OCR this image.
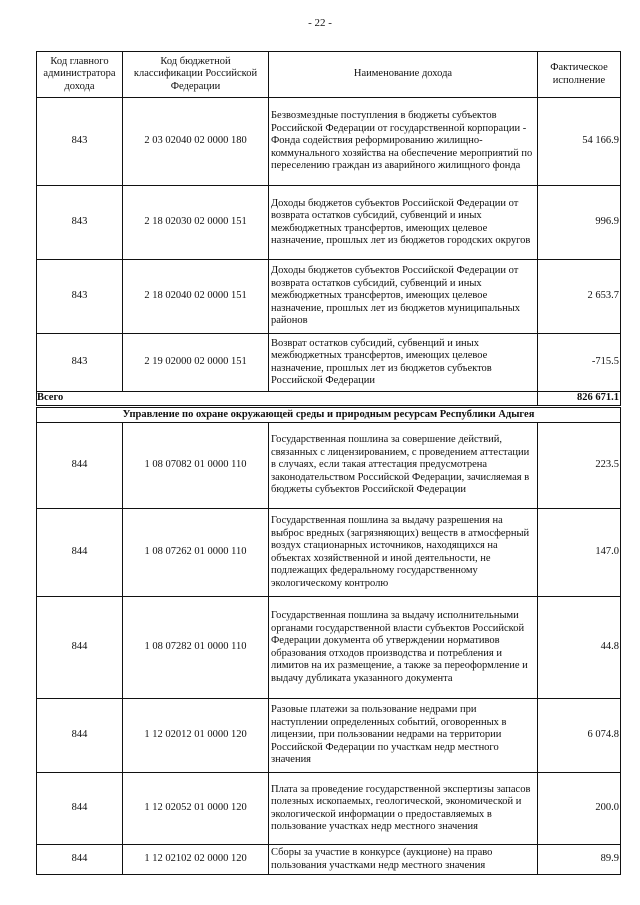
- 22 -
Код главного администратора дохода	Код бюджетной классификации Российской Федерации	Наименование дохода	Фактическое исполнение
843	2 03 02040 02 0000 180	Безвозмездные поступления в бюджеты субъектов Российской Федерации от государственной корпорации - Фонда содействия реформированию жилищно-коммунального хозяйства на обеспечение мероприятий по переселению граждан из аварийного жилищного фонда	54 166.9
843	2 18 02030 02 0000 151	Доходы бюджетов субъектов Российской Федерации от возврата остатков субсидий, субвенций и иных межбюджетных трансфертов, имеющих целевое назначение, прошлых лет из бюджетов городских округов	996.9
843	2 18 02040 02 0000 151	Доходы бюджетов субъектов Российской Федерации от возврата остатков субсидий, субвенций и иных межбюджетных трансфертов, имеющих целевое назначение, прошлых лет из бюджетов муниципальных районов	2 653.7
843	2 19 02000 02 0000 151	Возврат остатков субсидий, субвенций и иных межбюджетных трансфертов, имеющих целевое назначение, прошлых лет из бюджетов субъектов Российской Федерации	-715.5
Всего			826 671.1
Управление по охране окружающей среды и природным ресурсам Республики Адыгея			
844	1 08 07082 01 0000 110	Государственная пошлина за совершение действий, связанных с лицензированием, с проведением аттестации в случаях, если такая аттестация предусмотрена законодательством Российской Федерации, зачисляемая в бюджеты субъектов Российской Федерации	223.5
844	1 08 07262 01 0000 110	Государственная пошлина за выдачу разрешения на выброс вредных (загрязняющих) веществ в атмосферный воздух стационарных источников, находящихся на объектах хозяйственной и иной деятельности, не подлежащих федеральному государственному экологическому контролю	147.0
844	1 08 07282 01 0000 110	Государственная пошлина за выдачу исполнительными органами государственной власти субъектов Российской Федерации документа об утверждении нормативов образования отходов производства и потребления и лимитов на их размещение, а также за переоформление и выдачу дубликата указанного документа	44.8
844	1 12 02012 01 0000 120	Разовые платежи за пользование недрами при наступлении определенных событий, оговоренных в лицензии, при пользовании недрами на территории Российской Федерации по участкам недр местного значения	6 074.8
844	1 12 02052 01 0000 120	Плата за проведение государственной экспертизы запасов полезных ископаемых, геологической, экономической и экологической информации о предоставляемых в пользование участках недр местного значения	200.0
844	1 12 02102 02 0000 120	Сборы за участие в конкурсе (аукционе) на право пользования участками недр местного значения	89.9
